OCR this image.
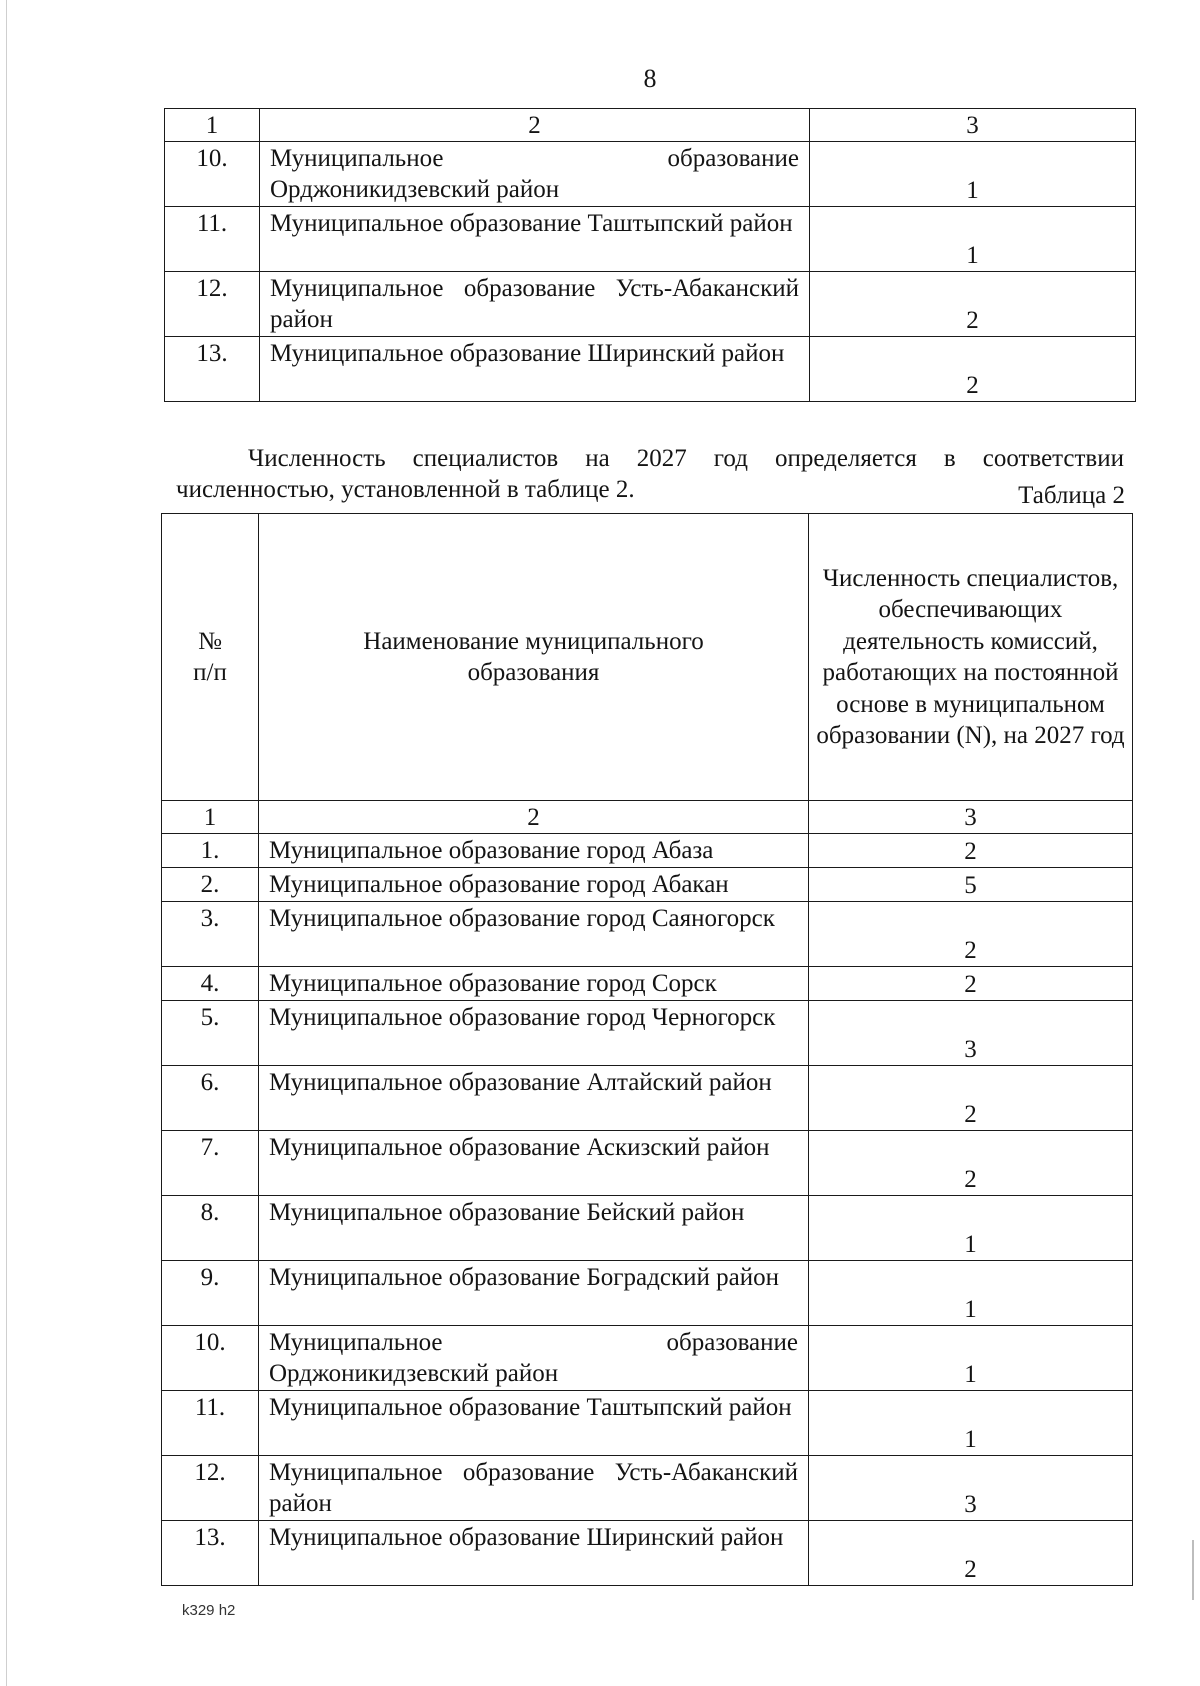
8
1	2	3
10.	Муниципальное образование Орджоникидзевский район	1
11.	Муниципальное образование Таштыпский район	1
12.	Муниципальное образование Усть-Абаканский район	2
13.	Муниципальное образование Ширинский район	2

Численность специалистов на 2027 год определяется в соответствии численностью, установленной в таблице 2.	Таблица 2
№ п/п	Наименование муниципального образования	Численность специалистов, обеспечивающих деятельность комиссий, работающих на постоянной основе в муниципальном образовании (N), на 2027 год

1	2	3
1.	Муниципальное образование город Абаза	2
2.	Муниципальное образование город Абакан	5
3.	Муниципальное образование город Саяногорск	2
4.	Муниципальное образование город Сорск	2
5.	Муниципальное образование город Черногорск	3
6.	Муниципальное образование Алтайский район	2
7.	Муниципальное образование Аскизский район	2
8.	Муниципальное образование Бейский район	1
9.	Муниципальное образование Боградский район	1
10.	Муниципальное образование Орджоникидзевский район	1
11.	Муниципальное образование Таштыпский район	1
12.	Муниципальное образование Усть-Абаканский район	3
13.	Муниципальное образование Ширинский район	2
k329 h2
